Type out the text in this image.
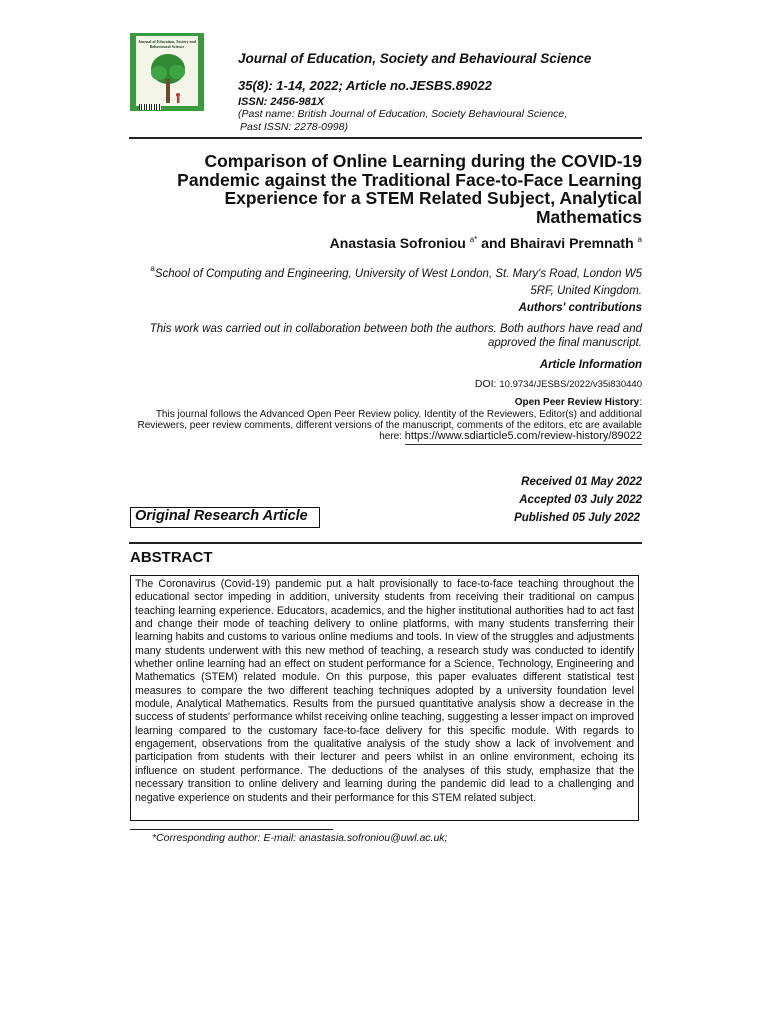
Journal of Education, Society and Behavioural Science
Journal of Education, Society and Behavioural Science
35(8): 1-14, 2022; Article no.JESBS.89022
ISSN: 2456-981X
(Past name: British Journal of Education, Society Behavioural Science,
Past ISSN: 2278-0998)
Comparison of Online Learning during the COVID-19 Pandemic against the Traditional Face-to-Face Learning Experience for a STEM Related Subject, Analytical Mathematics
Anastasia Sofroniou $^{a*}$ and Bhairavi Premnath $^a$
$^a$School of Computing and Engineering, University of West London, St. Mary's Road, London W5 5RF, United Kingdom.
Authors' contributions
This work was carried out in collaboration between both the authors. Both authors have read and approved the final manuscript.
Article Information
DOI: 10.9734/JESBS/2022/v35i830440
Open Peer Review History:
This journal follows the Advanced Open Peer Review policy. Identity of the Reviewers, Editor(s) and additional Reviewers, peer review comments, different versions of the manuscript, comments of the editors, etc are available here: https://www.sdiarticle5.com/review-history/89022
Received 01 May 2022
Accepted 03 July 2022
Published 05 July 2022
Original Research Article
ABSTRACT
The Coronavirus (Covid-19) pandemic put a halt provisionally to face-to-face teaching throughout the educational sector impeding in addition, university students from receiving their traditional on campus teaching learning experience. Educators, academics, and the higher institutional authorities had to act fast and change their mode of teaching delivery to online platforms, with many students transferring their learning habits and customs to various online mediums and tools. In view of the struggles and adjustments many students underwent with this new method of teaching, a research study was conducted to identify whether online learning had an effect on student performance for a Science, Technology, Engineering and Mathematics (STEM) related module. On this purpose, this paper evaluates different statistical test measures to compare the two different teaching techniques adopted by a university foundation level module, Analytical Mathematics. Results from the pursued quantitative analysis show a decrease in the success of students' performance whilst receiving online teaching, suggesting a lesser impact on improved learning compared to the customary face-to-face delivery for this specific module. With regards to engagement, observations from the qualitative analysis of the study show a lack of involvement and participation from students with their lecturer and peers whilst in an online environment, echoing its influence on student performance. The deductions of the analyses of this study, emphasize that the necessary transition to online delivery and learning during the pandemic did lead to a challenging and negative experience on students and their performance for this STEM related subject.
*Corresponding author: E-mail: anastasia.sofroniou@uwl.ac.uk;
